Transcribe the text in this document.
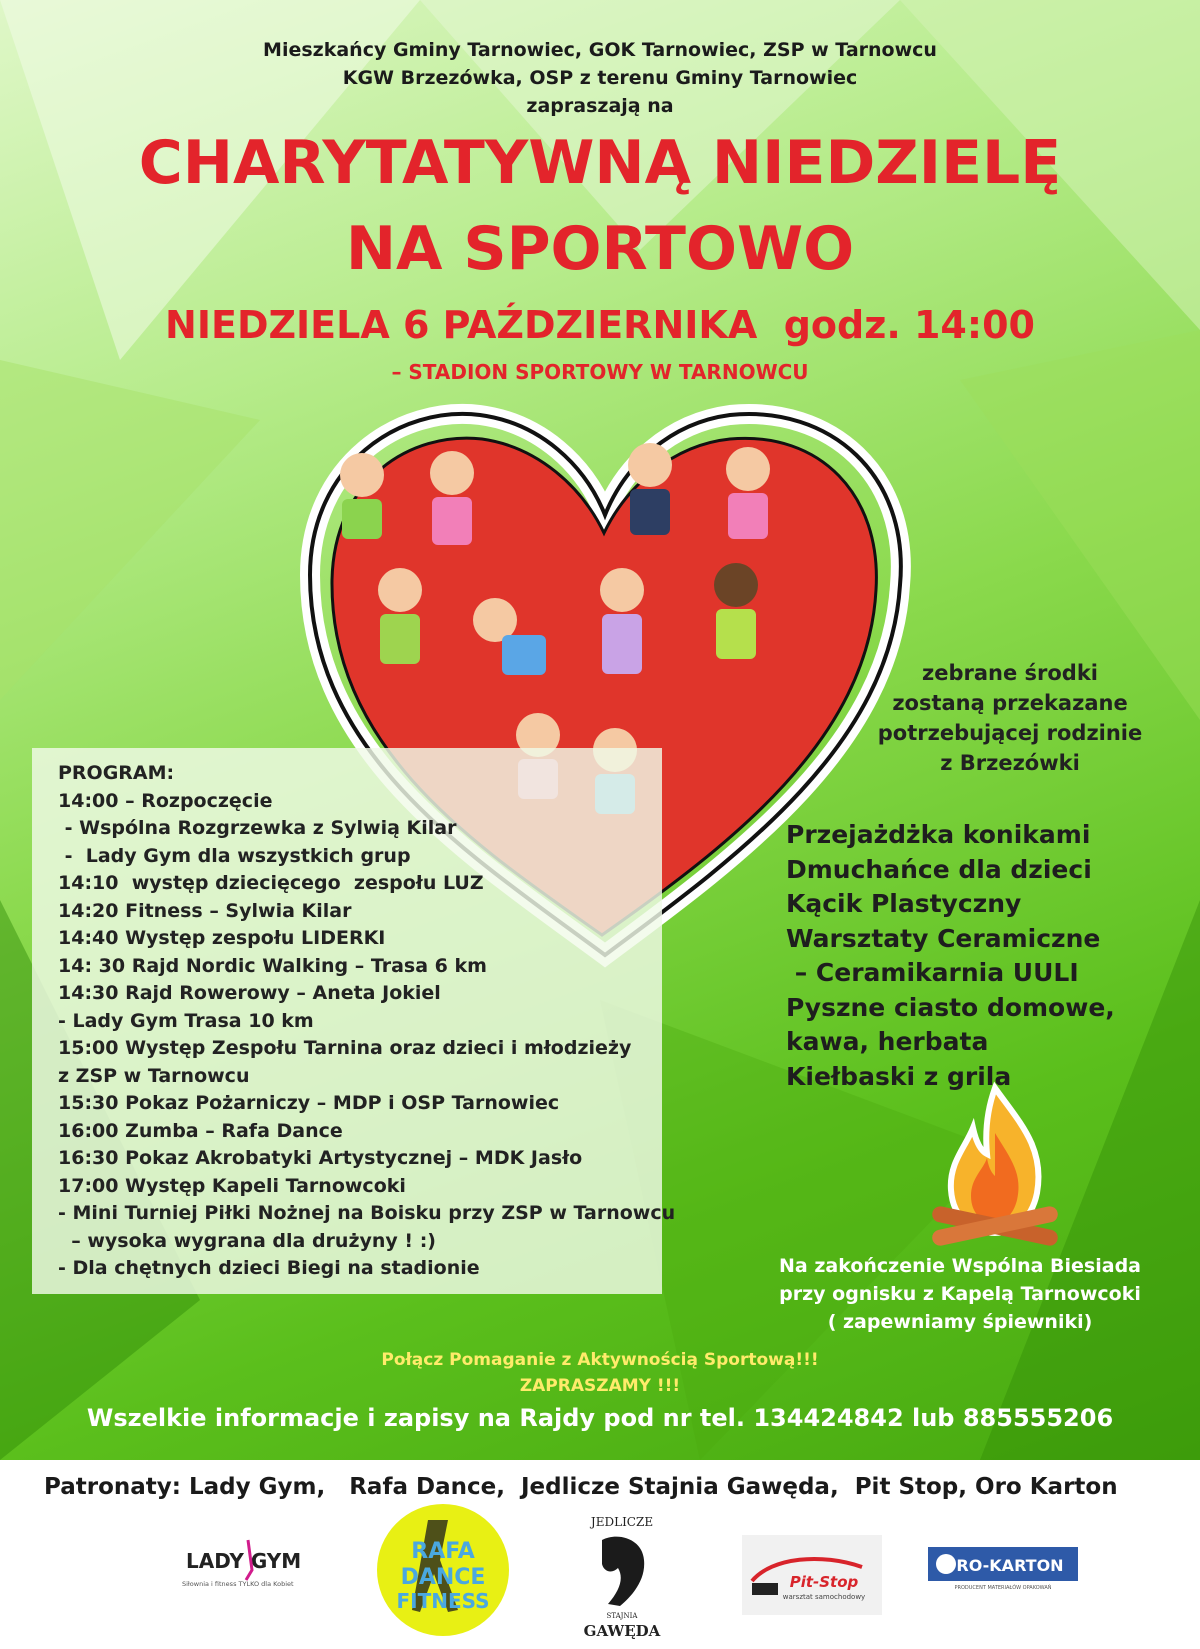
Mieszkańcy Gminy Tarnowiec, GOK Tarnowiec, ZSP w Tarnowcu
KGW Brzezówka, OSP z terenu Gminy Tarnowiec
zapraszają na
CHARYTATYWNĄ NIEDZIELĘ
NA SPORTOWO
NIEDZIELA 6 PAŹDZIERNIKA  godz. 14:00
– STADION SPORTOWY W TARNOWCU
PROGRAM:
14:00 – Rozpoczęcie
- Wspólna Rozgrzewka z Sylwią Kilar
-  Lady Gym dla wszystkich grup
14:10  występ dziecięcego  zespołu LUZ
14:20 Fitness – Sylwia Kilar
14:40 Występ zespołu LIDERKI
14: 30 Rajd Nordic Walking – Trasa 6 km
14:30 Rajd Rowerowy – Aneta Jokiel
- Lady Gym Trasa 10 km
15:00 Występ Zespołu Tarnina oraz dzieci i młodzieży
z ZSP w Tarnowcu
15:30 Pokaz Pożarniczy – MDP i OSP Tarnowiec
16:00 Zumba – Rafa Dance
16:30 Pokaz Akrobatyki Artystycznej – MDK Jasło
17:00 Występ Kapeli Tarnowcoki
- Mini Turniej Piłki Nożnej na Boisku przy ZSP w Tarnowcu
– wysoka wygrana dla drużyny ! :)
- Dla chętnych dzieci Biegi na stadionie
zebrane środki
zostaną przekazane
potrzebującej rodzinie
z Brzezówki
Przejażdżka konikami
Dmuchańce dla dzieci
Kącik Plastyczny
Warsztaty Ceramiczne
– Ceramikarnia UULI
Pyszne ciasto domowe,
kawa, herbata
Kiełbaski z grila
Na zakończenie Wspólna Biesiada
przy ognisku z Kapelą Tarnowcoki
( zapewniamy śpiewniki)
Połącz Pomaganie z Aktywnością Sportową!!!
ZAPRASZAMY !!!
Wszelkie informacje i zapisy na Rajdy pod nr tel. 134424842 lub 885555206
Patronaty: Lady Gym,   Rafa Dance,  Jedlicze Stajnia Gawęda,  Pit Stop, Oro Karton
LADY GYM
Siłownia i fitness TYLKO dla Kobiet
RAFA
DANCE
FITNESS
JEDLICZE
STAJNIA
GAWĘDA
Pit-Stop
warsztat samochodowy
RO-KARTON
PRODUCENT MATERIAŁÓW OPAKOWAŃ
